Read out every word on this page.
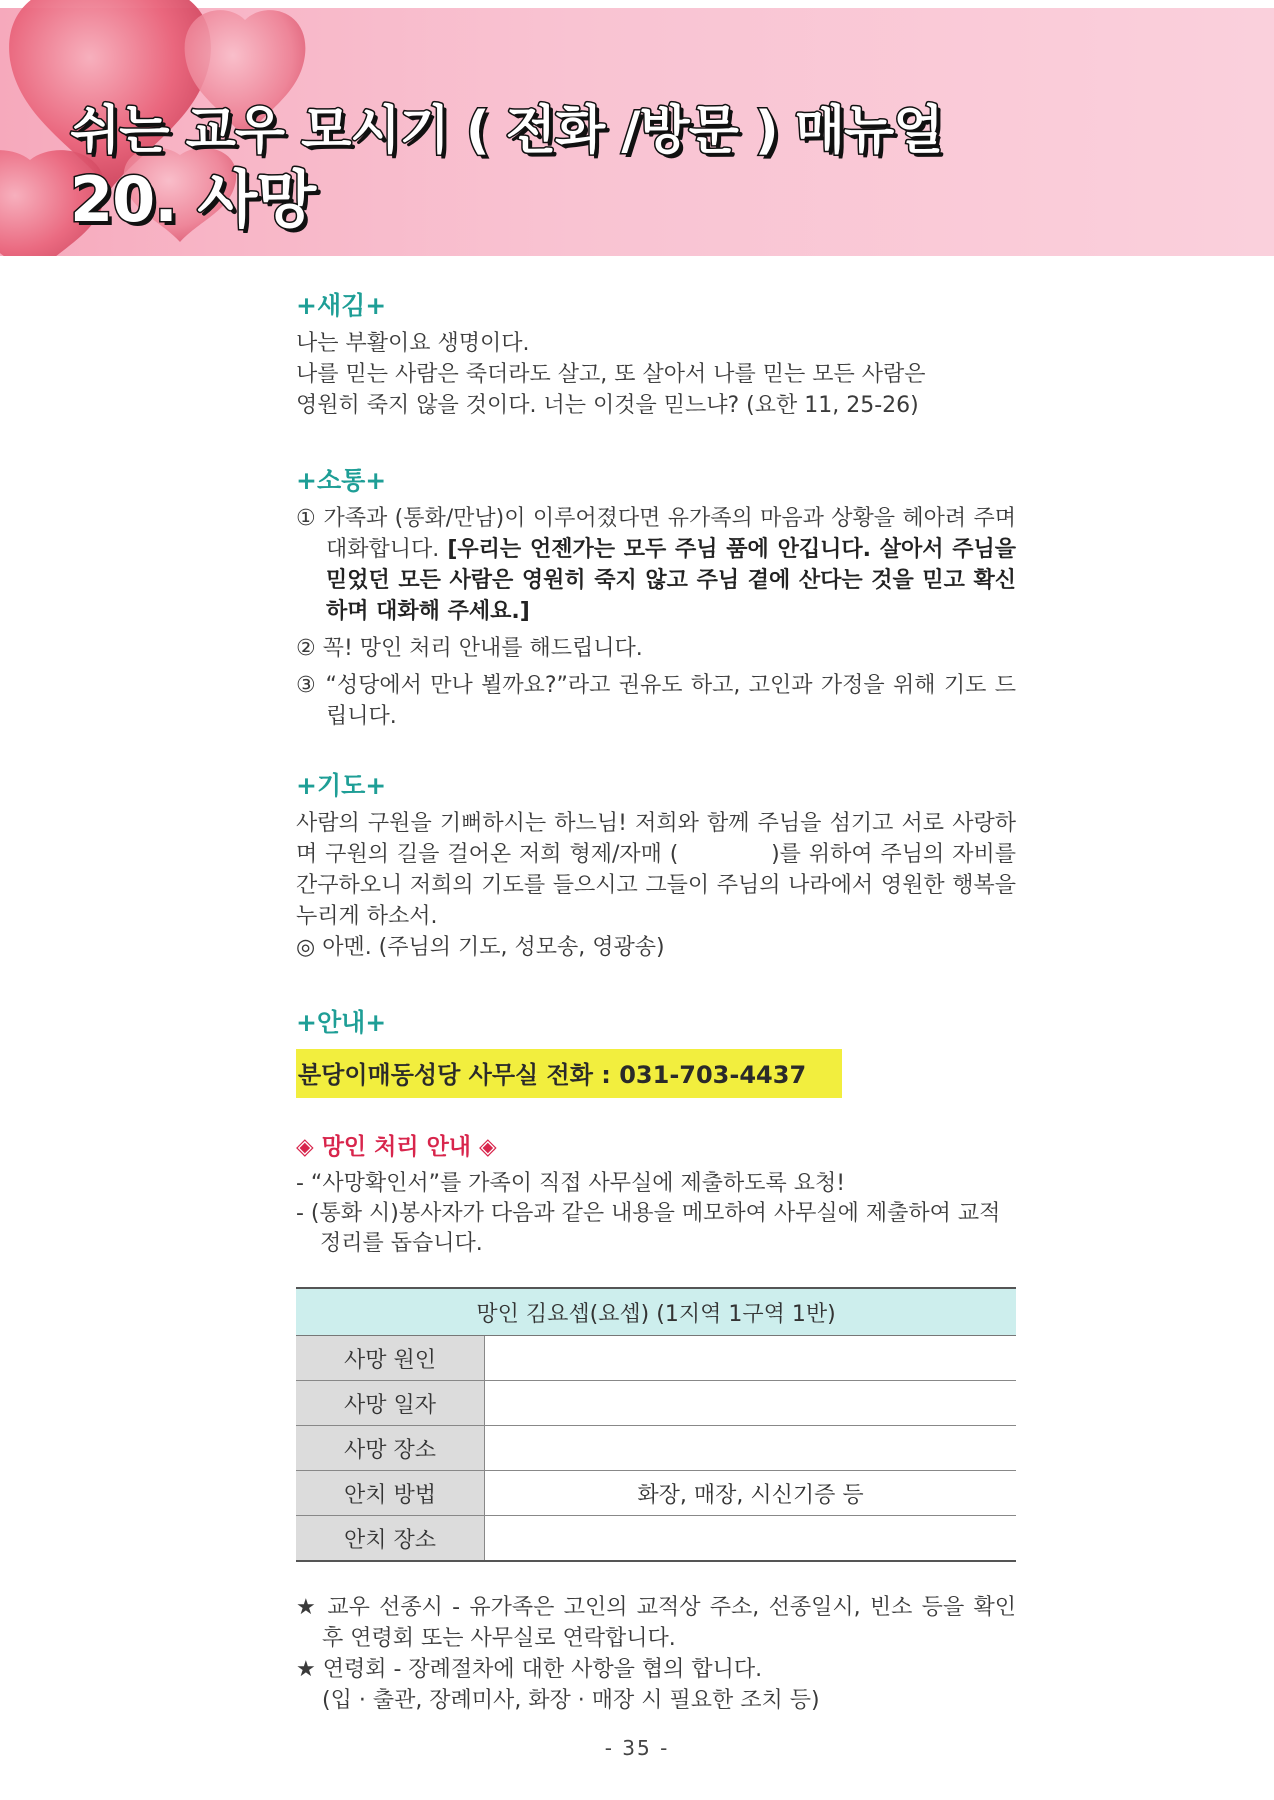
쉬는 교우 모시기 ( 전화 /방문 ) 매뉴얼
20. 사망
+새김+

나는 부활이요 생명이다.

나를 믿는 사람은 죽더라도 살고, 또 살아서 나를 믿는 모든 사람은

영원히 죽지 않을 것이다. 너는 이것을 믿느냐? (요한 11, 25-26)

+소통+
① 가족과 (통화/만남)이 이루어졌다면 유가족의 마음과 상황을 헤아려 주며 대화합니다. [우리는 언젠가는 모두 주님 품에 안깁니다. 살아서 주님을 믿었던 모든 사람은 영원히 죽지 않고 주님 곁에 산다는 것을 믿고 확신하며 대화해 주세요.]
② 꼭! 망인 처리 안내를 해드립니다.
③ “성당에서 만나 뵐까요?”라고 권유도 하고, 고인과 가정을 위해 기도 드립니다.
+기도+

사람의 구원을 기뻐하시는 하느님! 저희와 함께 주님을 섬기고 서로 사랑하며 구원의 길을 걸어온 저희 형제/자매 (　　　　)를 위하여 주님의 자비를 간구하오니 저희의 기도를 들으시고 그들이 주님의 나라에서 영원한 행복을 누리게 하소서.

◎ 아멘. (주님의 기도, 성모송, 영광송)

+안내+
분당이매동성당 사무실 전화 : 031-703-4437
◈ 망인 처리 안내 ◈

- “사망확인서”를 가족이 직접 사무실에 제출하도록 요청!

- (통화 시)봉사자가 다음과 같은 내용을 메모하여 사무실에 제출하여 교적 정리를 돕습니다.

망인 김요셉(요셉) (1지역 1구역 1반)	
사망 원인	
사망 일자	
사망 장소	
안치 방법	화장, 매장, 시신기증 등
안치 장소	

★ 교우 선종시 - 유가족은 고인의 교적상 주소, 선종일시, 빈소 등을 확인 후 연령회 또는 사무실로 연락합니다.

★ 연령회 - 장례절차에 대한 사항을 협의 합니다.

(입 · 출관, 장례미사, 화장 · 매장 시 필요한 조치 등)

- 35 -
